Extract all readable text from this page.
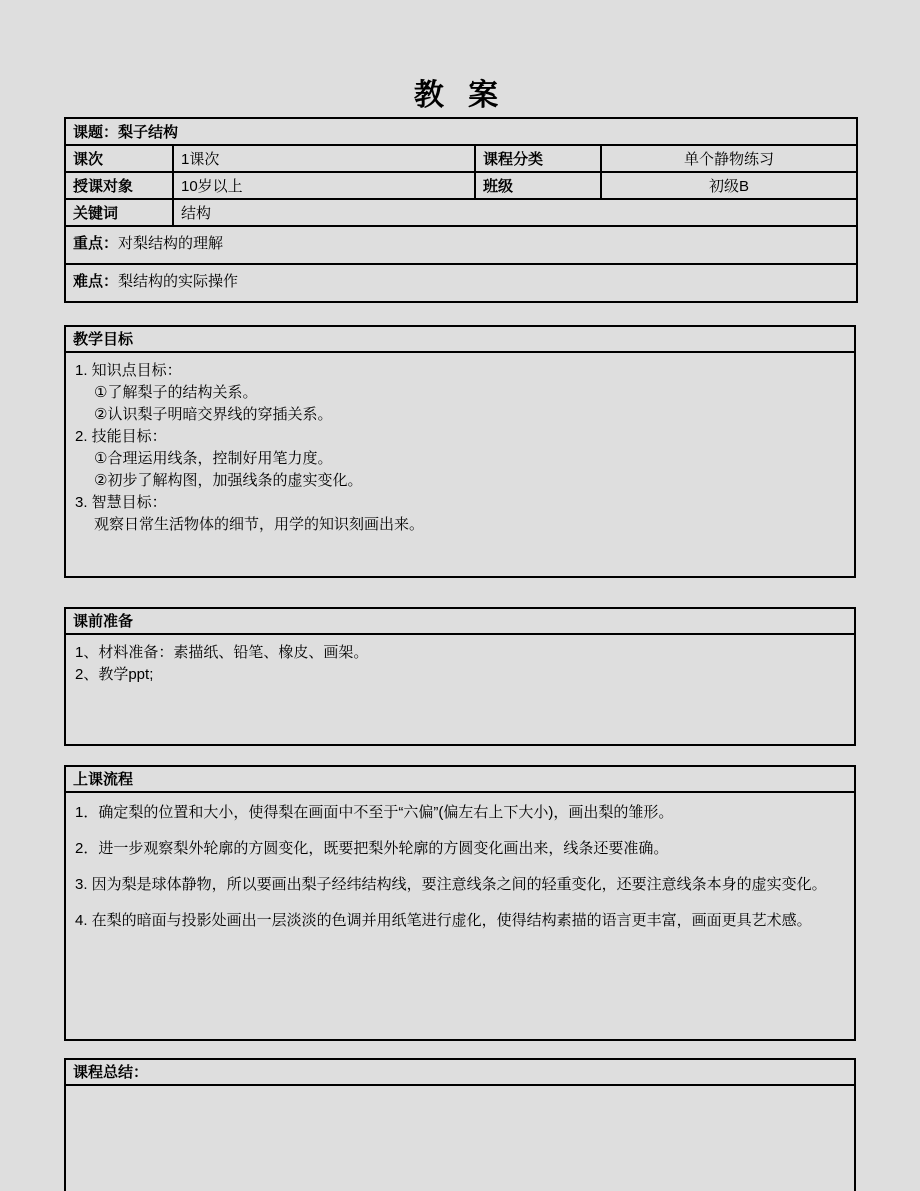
教 案
课题：梨子结构			
课次	1课次	课程分类	单个静物练习
授课对象	10岁以上	班级	初级B
关键词	结构		
重点：对梨结构的理解			
难点：梨结构的实际操作			
教学目标
1. 知识点目标：
①了解梨子的结构关系。
②认识梨子明暗交界线的穿插关系。
2. 技能目标：
①合理运用线条，控制好用笔力度。
②初步了解构图，加强线条的虚实变化。
3. 智慧目标：
观察日常生活物体的细节，用学的知识刻画出来。
课前准备
1、材料准备：素描纸、铅笔、橡皮、画架。
2、教学ppt;
上课流程

1．确定梨的位置和大小，使得梨在画面中不至于“六偏”(偏左右上下大小)，画出梨的雏形。

2．进一步观察梨外轮廓的方圆变化，既要把梨外轮廓的方圆变化画出来，线条还要准确。

3. 因为梨是球体静物，所以要画出梨子经纬结构线，要注意线条之间的轻重变化，还要注意线条本身的虚实变化。

4. 在梨的暗面与投影处画出一层淡淡的色调并用纸笔进行虚化，使得结构素描的语言更丰富，画面更具艺术感。

课程总结：
